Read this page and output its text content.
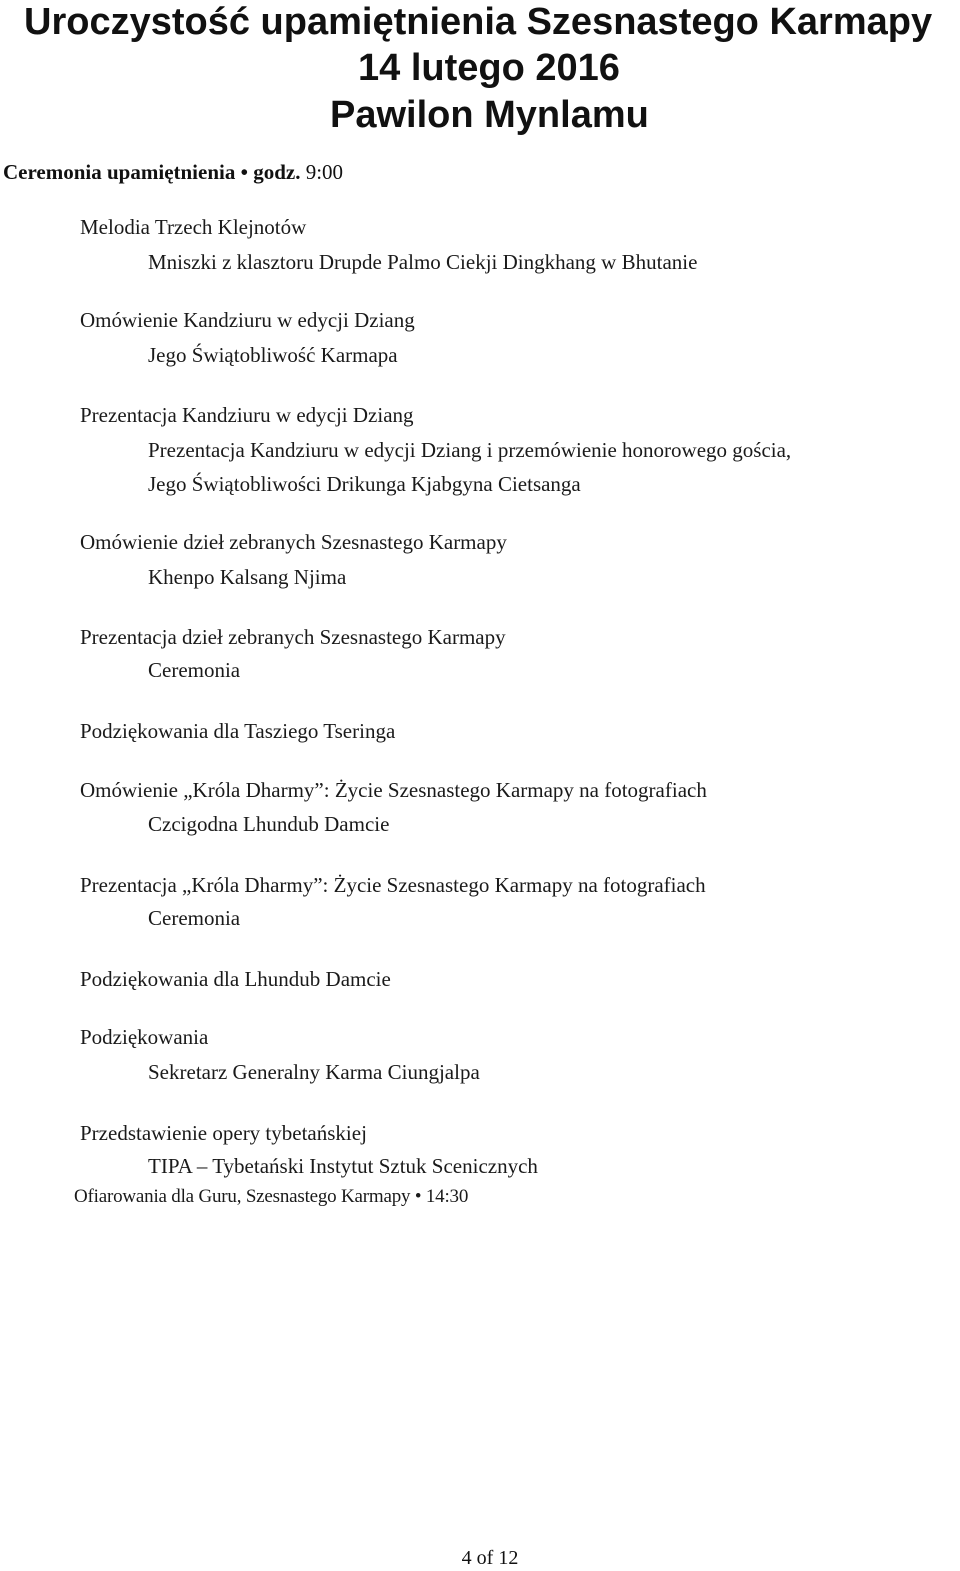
Uroczystość upamiętnienia Szesnastego Karmapy
14 lutego 2016
Pawilon Mynlamu
Ceremonia upamiętnienia • godz. 9:00
Melodia Trzech Klejnotów
Mniszki z klasztoru Drupde Palmo Ciekji Dingkhang w Bhutanie
Omówienie Kandziuru w edycji Dziang
Jego Świątobliwość Karmapa
Prezentacja Kandziuru w edycji Dziang
Prezentacja Kandziuru w edycji Dziang i przemówienie honorowego gościa,
Jego Świątobliwości Drikunga Kjabgyna Cietsanga
Omówienie dzieł zebranych Szesnastego Karmapy
Khenpo Kalsang Njima
Prezentacja dzieł zebranych Szesnastego Karmapy
Ceremonia
Podziękowania dla Tasziego Tseringa
Omówienie „Króla Dharmy”: Życie Szesnastego Karmapy na fotografiach
Czcigodna Lhundub Damcie
Prezentacja „Króla Dharmy”: Życie Szesnastego Karmapy na fotografiach
Ceremonia
Podziękowania dla Lhundub Damcie
Podziękowania
Sekretarz Generalny Karma Ciungjalpa
Przedstawienie opery tybetańskiej
TIPA – Tybetański Instytut Sztuk Scenicznych
Ofiarowania dla Guru, Szesnastego Karmapy • 14:30
4 of 12
